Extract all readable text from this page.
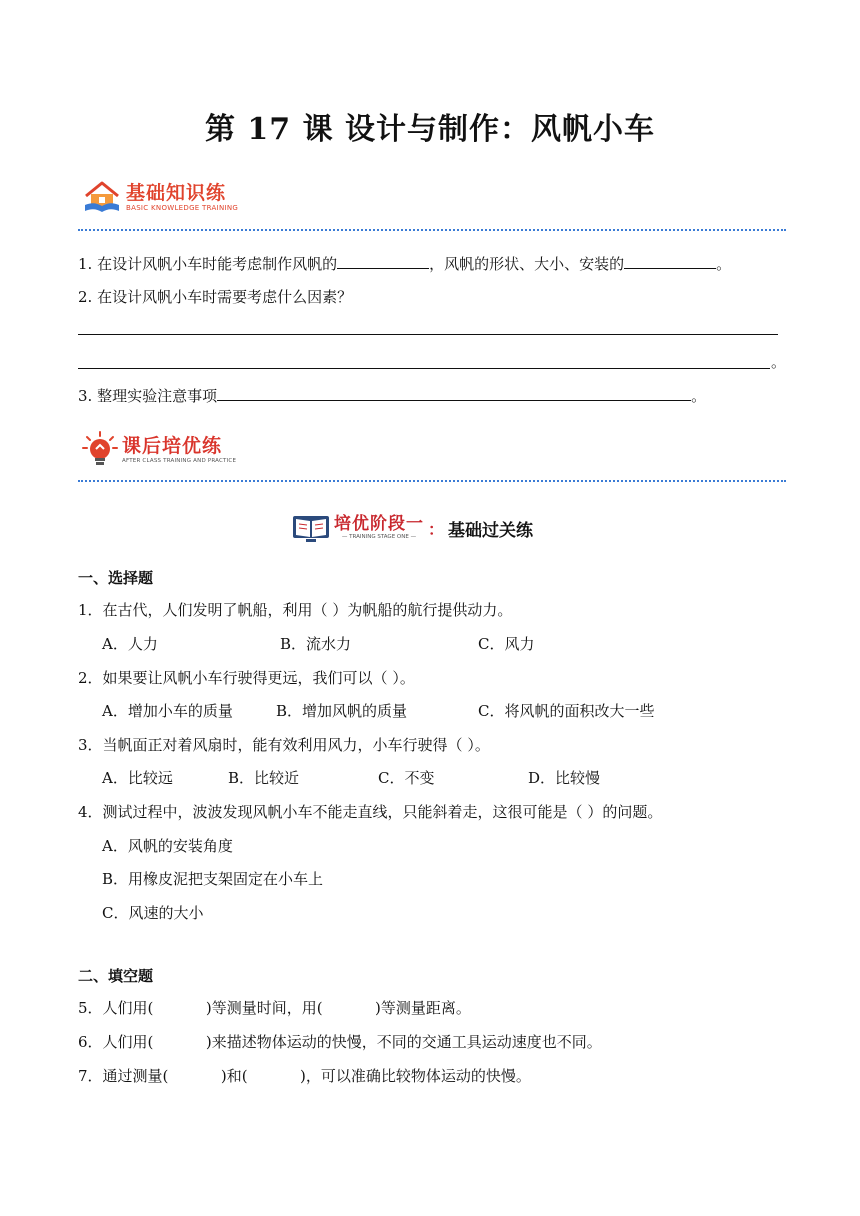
第 17 课 设计与制作：风帆小车
基础知识练
BASIC KNOWLEDGE TRAINING
1. 在设计风帆小车时能考虑制作风帆的	，风帆的形状、大小、安装的	。
2. 在设计风帆小车时需要考虑什么因素？
。
3. 整理实验注意事项	。
课后培优练
AFTER CLASS TRAINING AND PRACTICE
培优阶段一
— TRAINING STAGE ONE — ： 基础过关练
一、选择题
1．在古代，人们发明了帆船，利用（ ）为帆船的航行提供动力。
A．人力	B．流水力	C．风力
2．如果要让风帆小车行驶得更远，我们可以（ ）。
A．增加小车的质量	B．增加风帆的质量	C．将风帆的面积改大一些
3．当帆面正对着风扇时，能有效利用风力，小车行驶得（ ）。
A．比较远	B．比较近	C．不变	D．比较慢
4．测试过程中，波波发现风帆小车不能走直线，只能斜着走，这很可能是（ ）的问题。
A．风帆的安装角度
B．用橡皮泥把支架固定在小车上
C．风速的大小
二、填空题
5．人们用(           )等测量时间，用(           )等测量距离。
6．人们用(           )来描述物体运动的快慢，不同的交通工具运动速度也不同。
7．通过测量(           )和(           )，可以准确比较物体运动的快慢。
